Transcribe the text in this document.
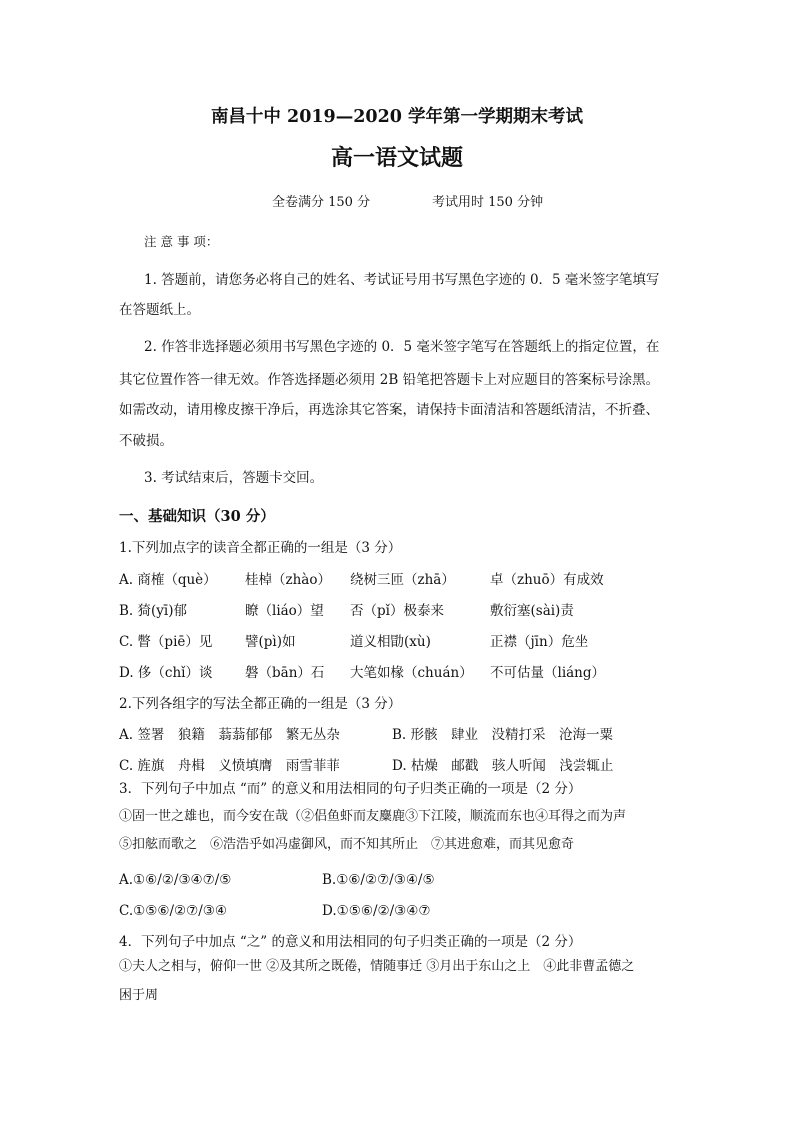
南昌十中 2019—2020 学年第一学期期末考试
高一语文试题
全卷满分 150 分	考试用时 150 分钟
注 意 事 项：
1. 答题前，请您务必将自己的姓名、考试证号用书写黑色字迹的 0．5 毫米签字笔填写
在答题纸上。
2. 作答非选择题必须用书写黑色字迹的 0．5 毫米签字笔写在答题纸上的指定位置，在
其它位置作答一律无效。作答选择题必须用 2B 铅笔把答题卡上对应题目的答案标号涂黑。
如需改动，请用橡皮擦干净后，再选涂其它答案，请保持卡面清洁和答题纸清洁，不折叠、
不破损。
3. 考试结束后，答题卡交回。
一、基础知识（30 分）
1.下列加点字的读音全都正确的一组是（3 分）
A. 商榷（què） 桂棹（zhào） 绕树三匝（zhā）	卓（zhuō）有成效
B. 猗(yī)郁	瞭（liáo）望 否（pǐ）极泰来	敷衍塞(sài)责
C. 瞥（piē）见 譬(pì)如	道义相勖(xù)	正襟（jīn）危坐
D. 侈（chǐ）谈 磐（bān）石 大笔如椽（chuán） 不可估量（liáng）
2.下列各组字的写法全都正确的一组是（3 分）
A. 签署　狼籍　蓊蓊郁郁　繁无丛杂	B. 形骸　肆业　没精打采　沧海一粟
C. 旌旗　舟楫　义愤填膺　雨雪菲菲	D. 枯燥　邮戳　骇人听闻　浅尝辄止
3．下列句子中加点 “而” 的意义和用法相同的句子归类正确的一项是（2 分）
①固一世之雄也，而今安在哉（②侣鱼虾而友麋鹿③下江陵，顺流而东也④耳得之而为声
⑤扣舷而歌之　⑥浩浩乎如冯虚御风，而不知其所止　⑦其进愈难，而其见愈奇
A.①⑥/②/③④⑦/⑤	B.①⑥/②⑦/③④/⑤
C.①⑤⑥/②⑦/③④	D.①⑤⑥/②/③④⑦
4．下列句子中加点 “之” 的意义和用法相同的句子归类正确的一项是（2 分）
①夫人之相与，俯仰一世 ②及其所之既倦，情随事迁 ③月出于东山之上　④此非曹孟德之
困于周
